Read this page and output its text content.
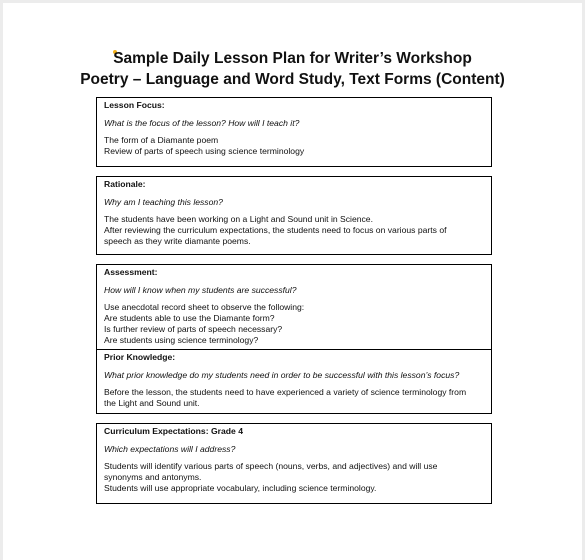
Sample Daily Lesson Plan for Writer’s Workshop
Poetry – Language and Word Study, Text Forms (Content)
Lesson Focus:
What is the focus of the lesson? How will I teach it?
The form of a Diamante poem
Review of parts of speech using science terminology
Rationale:
Why am I teaching this lesson?
The students have been working on a Light and Sound unit in Science.
After reviewing the curriculum expectations, the students need to focus on various parts of
speech as they write diamante poems.
Assessment:
How will I know when my students are successful?
Use anecdotal record sheet to observe the following:
Are students able to use the Diamante form?
Is further review of parts of speech necessary?
Are students using science terminology?
Prior Knowledge:
What prior knowledge do my students need in order to be successful with this lesson’s focus?
Before the lesson, the students need to have experienced a variety of science terminology from
the Light and Sound unit.
Curriculum Expectations: Grade 4
Which expectations will I address?
Students will identify various parts of speech (nouns, verbs, and adjectives) and will use
synonyms and antonyms.
Students will use appropriate vocabulary, including science terminology.
